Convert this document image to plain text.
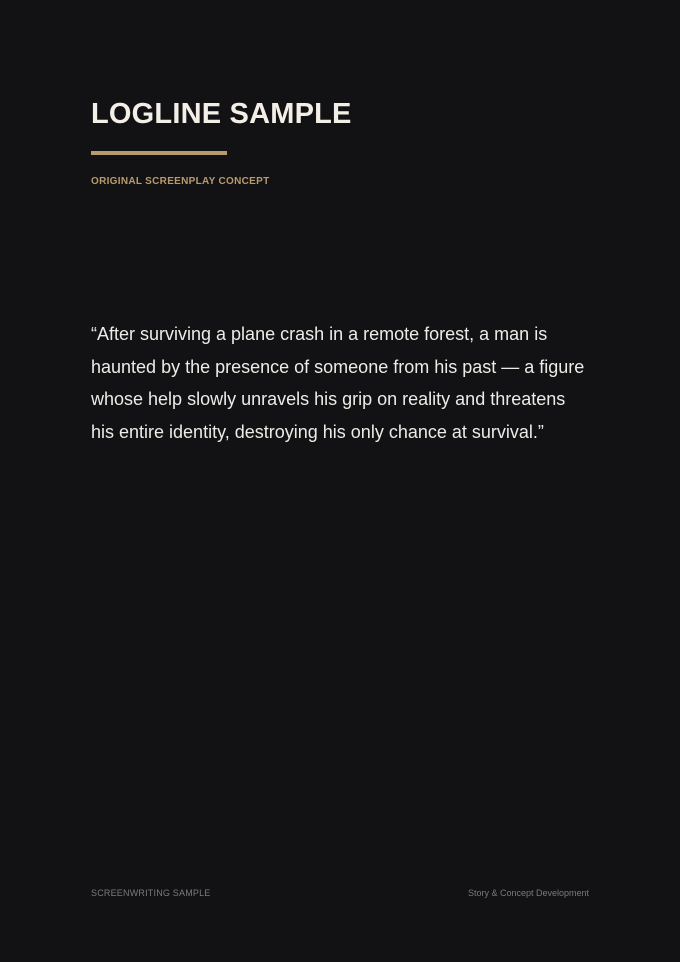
LOGLINE SAMPLE
ORIGINAL SCREENPLAY CONCEPT

“After surviving a plane crash in a remote forest, a man is haunted by the presence of someone from his past — a figure whose help slowly unravels his grip on reality and threatens his entire identity, destroying his only chance at survival.”

SCREENWRITING SAMPLE	Story & Concept Development
